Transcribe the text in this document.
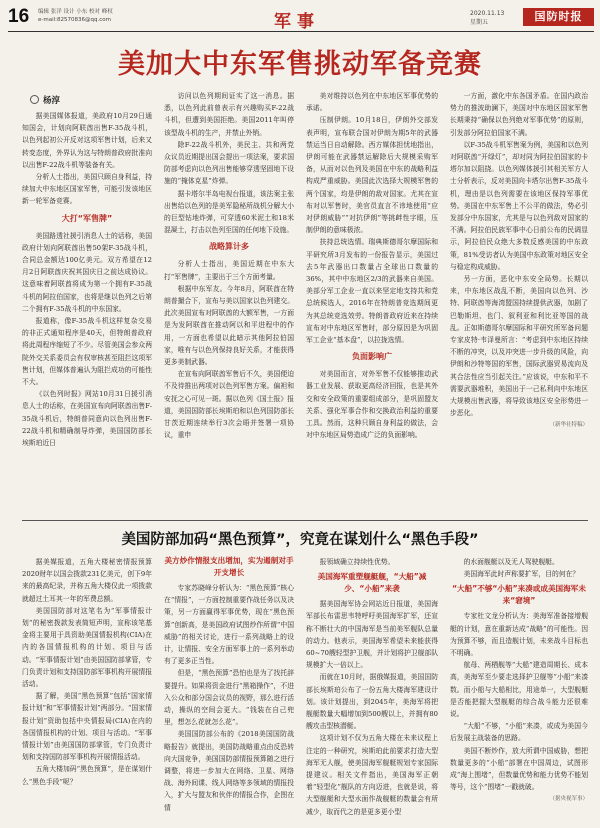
16 编辑 张洋 设计 小东 校对 峰权
e-mail:82570836@qq.com	军事	2020.11.13
星期五	国防时报
美加大中东军售挑动军备竞赛
杨淳

据美国媒体报道，美政府10月29日通知国会，计划向阿联酋出售F-35战斗机，以色列起初公开反对这项军售计划，后来又转变态度，外界认为这与特朗普政府批准向以出售F-22战斗机等装备有关。

分析人士指出，美国只顾自身利益，持续加大中东地区国家军售，可能引发该地区新一轮军备竞赛。

大打“军售牌”

美国路透社援引消息人士的话称，美国政府计划向阿联酋出售50架F-35战斗机，合同总金额达100亿美元。双方希望在12月2日阿联酋庆祝其国庆日之前达成协议。这意味着阿联酋将成为第一个拥有F-35战斗机的阿拉伯国家，也将是继以色列之后第二个拥有F-35战斗机的中东国家。

报道称，像F-35战斗机这样复杂交易的非正式通知程序是40天，但特朗普政府将此周程序缩短了不少。尽管美国会参众两院外交关系委员会有权审核甚至阻拦这项军售计划，但媒体普遍认为阻拦成功的可能性不大。

《以色列时报》网站10月31日援引消息人士的话称，在美国宣布向阿联酋出售F-35战斗机后，特朗普同意向以色列出售F-22战斗机和精确制导炸弹，美国国防部长埃斯珀近日

访问以色列期间证实了这一消息。据悉，以色列此前曾表示有兴趣购买F-22战斗机，但遭到美国拒绝。美国2011年叫停该型战斗机的生产，并禁止外销。

除F-22战斗机外，美民主、共和两党众议员近期提出国会提出一项法案，要求国防部考虑向以色列出售能够穿透坚固地下设施的“掩体克星”炸弹。

据卡塔尔半岛电视台报道，该法案主张出售给以色列的是美军隐秘所战机分解大小的巨型钻地炸弹，可穿透60米泥土和18米混凝土，打击以色列至国的任何地下设施。

战略算计多

分析人士指出，美国近期在中东大打“军售牌”，主要出于三个方面考量。

根据中东军友。今年8月，阿联酋在特朗普撮合下，宣布与美以国家以色列建交。此次美国宣布对阿联酋的大额军售，一方面是为发阿联酋在推动阿以和平进程中的作用，一方面也希望以此暗示其他阿拉伯国家，唯有与以色列保持良好关系，才能获得更多美制武器。

在宣布向阿联酋军售后不久，美国便迫不及待推出两项对以色列军售方案。偏袒和安抚之心可见一斑。据以色列《国土报》报道，美国国防部长埃斯珀和以色列国防部长甘茨近期连续举行3次会晤并签署一项协议，重申

美对维持以色列在中东地区军事优势的承诺。

压制伊朗。10月18日，伊朗外交部发表声明，宣布联合国对伊朗为期5年的武器禁运当日自动解除。西方媒体担忧地指出，伊朗可能在武器禁运解除后大规模采购军备，从而对以色列及美国在中东的战略利益构成严重威胁。美国此次选择大规模军售的两个国家，均是伊朗的敌对国家。尤其在宣布对以军售时，美官员直言不讳地使用“应对伊朗威胁”“对抗伊朗”等挑衅性字眼，压制伊朗的意味极浓。

扶持总统选情。瑞典斯德哥尔摩国际和平研究所3月发布的一份报告显示，美国过去5年武器出口数量占全球出口数量的36%，其中中东地区2/3的武器来自美国。美部分军工企业一直以来坚定地支持共和党总统候选人，2016年在特朗普竞选期间更为其总统竞选效劳。特朗普政府近来在持续宣布对中东地区军售时，部分原因是为巩固军工企业“基本盘”，以拉拢选情。

负面影响广

对美国而言，对外军售不仅能够推动武器工业发展、获取更高经济回报，也是其外交和安全政策的重要组成部分，是巩固盟友关系、强化军事合作和交换政治利益的重要工具。然而，这种只顾自身利益的做法，会对中东地区局势造成广泛的负面影响。

一方面，激化中东各国矛盾。在国内政治势力的推波助澜下，美国对中东地区国家军售长期秉持“确保以色列绝对军事优势”的原则，引发部分阿拉伯国家不满。

以F-35战斗机军售案为例，美国和以色列对阿联酋“开绿灯”，却对同为阿拉伯国家的卡塔尔加以阻挠。以色列媒体援引其相关军方人士分析表示，反对美国向卡塔尔出售F-35战斗机，理由是以色列需要在该地区保持军事优势。美国在中东军售上不公平的做法，势必引发部分中东国家，尤其是与以色列敌对国家的不满。阿拉伯民族军事中心日前公布的民调显示，阿拉伯民众绝大多数反感美国的中东政策，81%受访者认为美国中东政策对地区安全与稳定构成威胁。

另一方面，恶化中东安全局势。长期以来，中东地区战乱不断，美国向以色列、沙特、阿联酋等海湾盟国持续提供武器，加剧了巴勒斯坦、也门、叙利亚和利比亚等国的战乱。正如斯德哥尔摩国际和平研究所军备问题专家皮特·韦泽曼所言：“考虑到中东地区持续不断的冲突，以及冲突进一步升级的风险，向伊朗和沙特等国的军售，国际武器贸易流向及其合法性应当引起关注。”应该说，中东和平不需要武器堆积，美国出于一己私利向中东地区大规模出售武器，将导致该地区安全形势进一步恶化。

（新华社特稿）

美国防部加码“黑色预算”，究竟在谋划什么“黑色手段”

据美媒报道，五角大楼秘密情报预算2020财年以国会拨款231亿美元，创下9年来的最高纪录，并称五角大楼仅此一项拨款就超过土耳其一年的军费总额。

美国国防部对这笔名为“军事情报计划”的秘密拨款发表简短声明，宣称该笔基金将主要用于具资助美国情报机构(CIA)在内的各国情报机构的计划、项目与活动。“军事情报计划”由美国国防部掌管，专门负责计划和支持国防部军事机构开展情报活动。

据了解，美国“黑色预算”包括“国家情报计划”和“军事情报计划”两部分。“国家情报计划”资助包括中央情报局(CIA)在内的各国情报机构的计划、项目与活动。“军事情报计划”由美国国防部掌管，专门负责计划和支持国防部军事机构开展情报活动。

五角大楼加码“黑色预算”，是在谋划什么“黑色手段”呢？

美方炒作情报支出增加，实为遏制对手开支增长

专家苏晓峰分析认为：“黑色预算”核心在“情报”，一方面控制重要作战任务以及决策，另一方面赢得军事优势，现在“黑色预算”创新高，是美国政府试图炒作所谓“中国威胁”的相关讨论，进行一系列战略上的设计，让情报、安全方面军事上的一系列举动有了更多正当性。

但是，“黑色预算”恐怕也是为了找托辞要提升。如果将资金进行“黑箱操作”，不进入公众和部分国会议员的视野，那么进行活动，操纵的空间会更大。“钱装在自己兜里，想怎么花就怎么花”。

美国国防部公布的《2018美国国防战略报告》就提出，美国防战略重点由反恐转向大国竞争，美国国防部情报预算随之进行调整，将进一步加大在网络、卫星、网络战、海外间谍、线人网络等多领域的情报投入，扩大与盟友和伙伴的情报合作，企图在情

报领域确立持续性优势。

美国海军重塑舰艇舰，“大船”减少、“小船”来袭

据美国海军协会网站近日报道，美国海军部长布雷思韦特呼吁美国海军扩军，还宣称不断壮大的中国海军是当前美军舰队总量的动力。他表示，美国海军希望未来能获得60~70艘轻型护卫舰，并计划将护卫舰部队规模扩大一倍以上。

而就在10月时，据俄媒报道，美国国防部长埃斯珀公布了一份五角大楼海军建设计划。该计划提出，到2045年，美海军将把舰艇数量大幅增加到500艘以上，并拥有80艘攻击型核潜艇。

这项计划不仅为五角大楼在未来议程上注定的一种研究，埃斯珀此前要求打造大型海军无人舰，使美国海军舰艇规划专家国际提建议。相关文件指出，美国海军正朝着“轻型化”舰队的方向迈进，也就是说，将大型舰艇和大型水面作战舰艇的数量会有所减少，取而代之的是更多更小型

的水面舰艇以及无人驾驶舰艇。

美国海军此时声称要扩军，目的何在？

“大船”不够“小船”来凑或成美国海军未来“窘境”

专家杜文龙分析认为：美海军准备接增舰艇的计划，意在重新达成“战略”的可能性。因为预算不够，而且造舰计划，未来战斗目标也不明确。

航母、两栖舰等“大船”建造周期长、成本高，美海军至少要走选择护卫舰等“小船”来凑数。而小船与大船相比，用途单一，大型舰艇是否能把握大型舰艇的综合战斗能力还很难说。

“大船”不够，“小船”来凑，或成为美国今后发展主战装备的思路。

美国不断炒作，放大所谓中国威胁，想把数量更多的“小船”部署在中国周边，试图形成“海上围堵”，但数量优势和能力优势不能划等号，这个“围堵”一戳就破。

（据央视军事）
